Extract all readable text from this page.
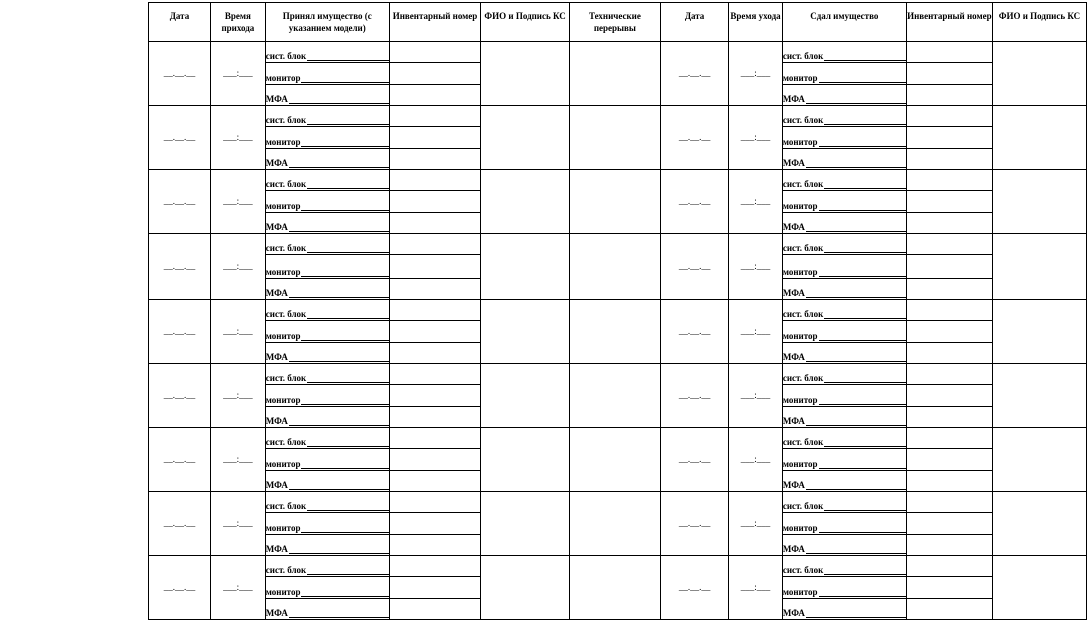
Дата	Время прихода	Принял имущество (с указанием модели)	Инвентарный номер	ФИО и Подпись КС	Технические перерывы	Дата	Время ухода	Сдал имущество	Инвентарный номер	ФИО и Подпись КС
__.__.__	___:___	сист. блок				__.__.__	___:___	сист. блок		

		монитор						монитор		

		МФА						МФА		

__.__.__	___:___	сист. блок				__.__.__	___:___	сист. блок		

		монитор						монитор		

		МФА						МФА		

__.__.__	___:___	сист. блок				__.__.__	___:___	сист. блок		

		монитор						монитор		

		МФА						МФА		

__.__.__	___:___	сист. блок				__.__.__	___:___	сист. блок		

		монитор						монитор		

		МФА						МФА		

__.__.__	___:___	сист. блок				__.__.__	___:___	сист. блок		

		монитор						монитор		

		МФА						МФА		

__.__.__	___:___	сист. блок				__.__.__	___:___	сист. блок		

		монитор						монитор		

		МФА						МФА		

__.__.__	___:___	сист. блок				__.__.__	___:___	сист. блок		

		монитор						монитор		

		МФА						МФА		

__.__.__	___:___	сист. блок				__.__.__	___:___	сист. блок		

		монитор						монитор		

		МФА						МФА		

__.__.__	___:___	сист. блок				__.__.__	___:___	сист. блок		

		монитор						монитор		

		МФА						МФА		
